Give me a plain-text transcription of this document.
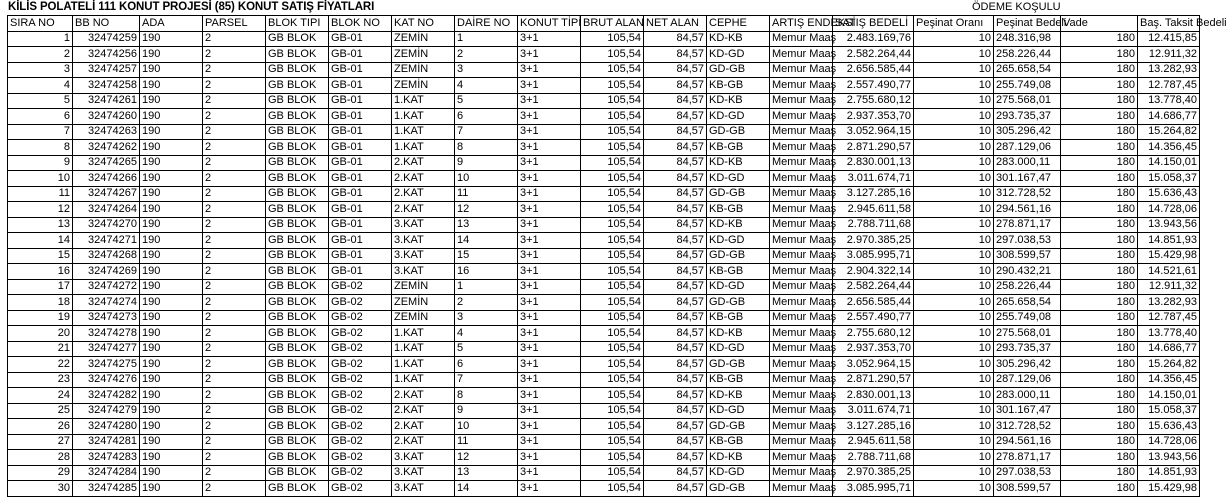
KİLİS POLATELİ 111 KONUT PROJESİ (85) KONUT SATIŞ FİYATLARI	ÖDEME KOŞULU
SIRA NO	BB NO	ADA	PARSEL	BLOK TIPI	BLOK NO	KAT NO	DAİRE NO	KONUT TİPİ	BRUT ALAN	NET ALAN	CEPHE	ARTIŞ ENDEKSİ	SATIŞ BEDELİ	Peşinat Oranı	Peşinat Bedeli	Vade	Baş. Taksit Bedeli
1	32474259	190	2	GB BLOK	GB-01	ZEMİN	1	3+1	105,54	84,57	KD-KB	Memur Maaş	2.483.169,76	10	248.316,98	180	12.415,85
2	32474256	190	2	GB BLOK	GB-01	ZEMİN	2	3+1	105,54	84,57	KD-GD	Memur Maaş	2.582.264,44	10	258.226,44	180	12.911,32
3	32474257	190	2	GB BLOK	GB-01	ZEMİN	3	3+1	105,54	84,57	GD-GB	Memur Maaş	2.656.585,44	10	265.658,54	180	13.282,93
4	32474258	190	2	GB BLOK	GB-01	ZEMİN	4	3+1	105,54	84,57	KB-GB	Memur Maaş	2.557.490,77	10	255.749,08	180	12.787,45
5	32474261	190	2	GB BLOK	GB-01	1.KAT	5	3+1	105,54	84,57	KD-KB	Memur Maaş	2.755.680,12	10	275.568,01	180	13.778,40
6	32474260	190	2	GB BLOK	GB-01	1.KAT	6	3+1	105,54	84,57	KD-GD	Memur Maaş	2.937.353,70	10	293.735,37	180	14.686,77
7	32474263	190	2	GB BLOK	GB-01	1.KAT	7	3+1	105,54	84,57	GD-GB	Memur Maaş	3.052.964,15	10	305.296,42	180	15.264,82
8	32474262	190	2	GB BLOK	GB-01	1.KAT	8	3+1	105,54	84,57	KB-GB	Memur Maaş	2.871.290,57	10	287.129,06	180	14.356,45
9	32474265	190	2	GB BLOK	GB-01	2.KAT	9	3+1	105,54	84,57	KD-KB	Memur Maaş	2.830.001,13	10	283.000,11	180	14.150,01
10	32474266	190	2	GB BLOK	GB-01	2.KAT	10	3+1	105,54	84,57	KD-GD	Memur Maaş	3.011.674,71	10	301.167,47	180	15.058,37
11	32474267	190	2	GB BLOK	GB-01	2.KAT	11	3+1	105,54	84,57	GD-GB	Memur Maaş	3.127.285,16	10	312.728,52	180	15.636,43
12	32474264	190	2	GB BLOK	GB-01	2.KAT	12	3+1	105,54	84,57	KB-GB	Memur Maaş	2.945.611,58	10	294.561,16	180	14.728,06
13	32474270	190	2	GB BLOK	GB-01	3.KAT	13	3+1	105,54	84,57	KD-KB	Memur Maaş	2.788.711,68	10	278.871,17	180	13.943,56
14	32474271	190	2	GB BLOK	GB-01	3.KAT	14	3+1	105,54	84,57	KD-GD	Memur Maaş	2.970.385,25	10	297.038,53	180	14.851,93
15	32474268	190	2	GB BLOK	GB-01	3.KAT	15	3+1	105,54	84,57	GD-GB	Memur Maaş	3.085.995,71	10	308.599,57	180	15.429,98
16	32474269	190	2	GB BLOK	GB-01	3.KAT	16	3+1	105,54	84,57	KB-GB	Memur Maaş	2.904.322,14	10	290.432,21	180	14.521,61
17	32474272	190	2	GB BLOK	GB-02	ZEMİN	1	3+1	105,54	84,57	KD-GD	Memur Maaş	2.582.264,44	10	258.226,44	180	12.911,32
18	32474274	190	2	GB BLOK	GB-02	ZEMİN	2	3+1	105,54	84,57	GD-GB	Memur Maaş	2.656.585,44	10	265.658,54	180	13.282,93
19	32474273	190	2	GB BLOK	GB-02	ZEMİN	3	3+1	105,54	84,57	KB-GB	Memur Maaş	2.557.490,77	10	255.749,08	180	12.787,45
20	32474278	190	2	GB BLOK	GB-02	1.KAT	4	3+1	105,54	84,57	KD-KB	Memur Maaş	2.755.680,12	10	275.568,01	180	13.778,40
21	32474277	190	2	GB BLOK	GB-02	1.KAT	5	3+1	105,54	84,57	KD-GD	Memur Maaş	2.937.353,70	10	293.735,37	180	14.686,77
22	32474275	190	2	GB BLOK	GB-02	1.KAT	6	3+1	105,54	84,57	GD-GB	Memur Maaş	3.052.964,15	10	305.296,42	180	15.264,82
23	32474276	190	2	GB BLOK	GB-02	1.KAT	7	3+1	105,54	84,57	KB-GB	Memur Maaş	2.871.290,57	10	287.129,06	180	14.356,45
24	32474282	190	2	GB BLOK	GB-02	2.KAT	8	3+1	105,54	84,57	KD-KB	Memur Maaş	2.830.001,13	10	283.000,11	180	14.150,01
25	32474279	190	2	GB BLOK	GB-02	2.KAT	9	3+1	105,54	84,57	KD-GD	Memur Maaş	3.011.674,71	10	301.167,47	180	15.058,37
26	32474280	190	2	GB BLOK	GB-02	2.KAT	10	3+1	105,54	84,57	GD-GB	Memur Maaş	3.127.285,16	10	312.728,52	180	15.636,43
27	32474281	190	2	GB BLOK	GB-02	2.KAT	11	3+1	105,54	84,57	KB-GB	Memur Maaş	2.945.611,58	10	294.561,16	180	14.728,06
28	32474283	190	2	GB BLOK	GB-02	3.KAT	12	3+1	105,54	84,57	KD-KB	Memur Maaş	2.788.711,68	10	278.871,17	180	13.943,56
29	32474284	190	2	GB BLOK	GB-02	3.KAT	13	3+1	105,54	84,57	KD-GD	Memur Maaş	2.970.385,25	10	297.038,53	180	14.851,93
30	32474285	190	2	GB BLOK	GB-02	3.KAT	14	3+1	105,54	84,57	GD-GB	Memur Maaş	3.085.995,71	10	308.599,57	180	15.429,98
